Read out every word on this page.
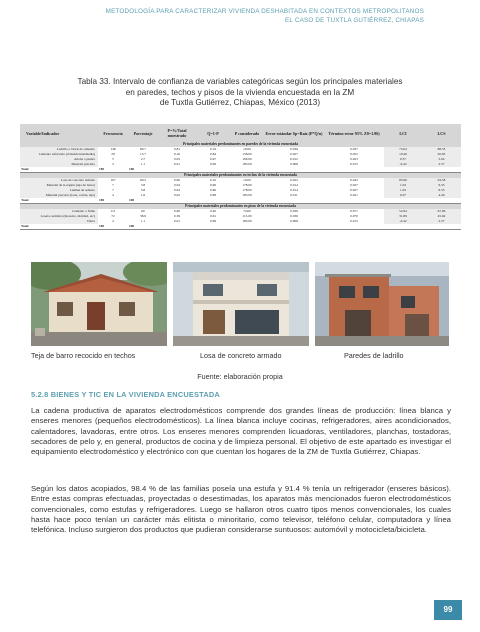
METODOLOGÍA PARA CARACTERIZAR VIVIENDA DESHABITADA EN CONTEXTOS METROPOLITANOS
EL CASO DE TUXTLA GUTIÉRREZ, CHIAPAS
Tabla 33. Intervalo de confianza de variables categóricas según los principales materiales
en paredes, techos y pisos de la vivienda encuestada en la ZM
de Tuxtla Gutiérrez, Chiapas, México (2013)
Variable/Indicador	Frecuencia	Porcentaje	P=%/Total muestrado	Q=1-P	P considerado	Error estándar Sp=Raíz (P*Q/n)	Término error 95% Z0=1.96)	LCI	LCS
Principales materiales predominantes en paredes de la vivienda encuestada									
Ladrillo o block de cemento	148	80.7	0.81	0.19	19.00	0.039	0.037	73.04	88.33
Cemento reforzado (vivienda intermedia)	29	15.7	0.16	0.84	158.00	0.027	0.052	10.46	20.95
Adobe o piedra	5	2.7	0.03	0.97	190.00	0.012	0.023	0.37	5.04
Material precario	2	1.1	0.01	0.99	183.00	0.008	0.015	-0.42	2.57
Total	185	100							
Principales materiales predominantes en techos de la vivienda encuestada									
Losa de concreto armado	167	90.2	0.90	0.10	10.00	0.022	0.043	85.96	94.58
Material de la región (teja de barro)	7	3.8	0.04	0.96	178.00	0.014	0.027	1.03	6.53
Lamina de asbesto	7	3.8	0.04	0.96	178.00	0.014	0.027	1.03	6.53
Material precario (lona, cartón, teja)	4	1.6	0.02	0.98	183.00	0.011	0.021	0.07	4.26
Total	185	100							
Principales materiales predominantes en pisos de la vivienda encuestada									
Cemento o firme	111	60	0.60	0.40	74.00	0.036	0.071	52.94	67.06
Loseta cerámica (mosaico, mármol, etc)	72	38.9	0.39	0.61	113.00	0.036	0.070	31.89	45.94
Tierra	2	1.1	0.01	0.99	183.00	0.008	0.015	-0.42	2.57
Total	185	100							
Teja de barro recocido en techos	Losa de concreto armado	Paredes de ladrillo
Fuente: elaboración propia
5.2.8 BIENES Y TIC EN LA VIVIENDA ENCUESTADA

La cadena productiva de aparatos electrodomésticos comprende dos grandes líneas de producción: línea blanca y enseres menores (pequeños electrodomésticos). La línea blanca incluye cocinas, refrigeradores, aires acondicionados, calentadores, lavadoras, entre otros. Los enseres menores comprenden licuadoras, ventiladores, planchas, tostadoras, secadores de pelo y, en general, productos de cocina y de limpieza personal. El objetivo de este apartado es investigar el equipamiento electrodoméstico y electrónico con que cuentan los hogares de la ZM de Tuxtla Gutiérrez, Chiapas.

Según los datos acopiados, 98.4 % de las familias poseía una estufa y 91.4 % tenía un refrigerador (enseres básicos). Entre estas compras efectuadas, proyectadas o desestimadas, los aparatos más mencionados fueron electrodomésticos convencionales, como estufas y refrigeradores. Luego se hallaron otros cuatro tipos menos convencionales, los cuales hasta hace poco tenían un carácter más elitista o minoritario, como televisor, teléfono celular, computadora y línea telefónica. Incluso surgieron dos productos que pudieran considerarse suntuosos: automóvil y motocicleta/bicicleta.

99
